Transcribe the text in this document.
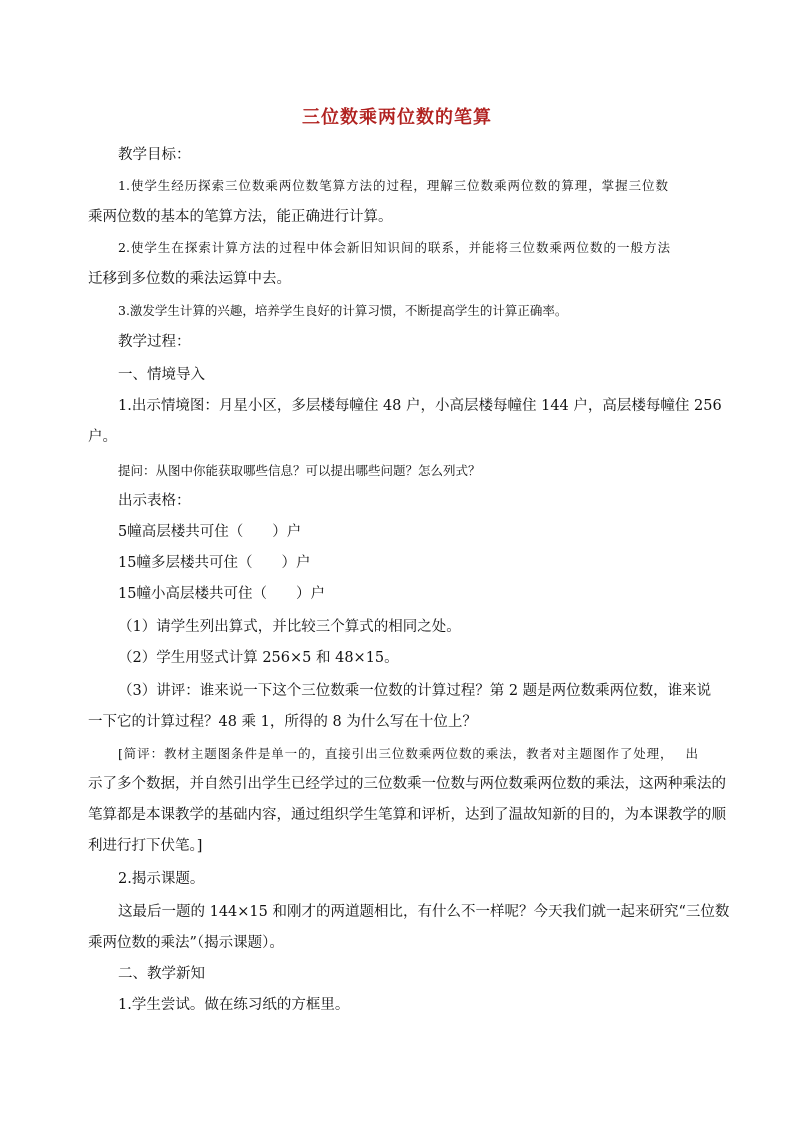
三位数乘两位数的笔算
教学目标：
1.使学生经历探索三位数乘两位数笔算方法的过程，理解三位数乘两位数的算理，掌握三位数
乘两位数的基本的笔算方法，能正确进行计算。
2.使学生在探索计算方法的过程中体会新旧知识间的联系，并能将三位数乘两位数的一般方法
迁移到多位数的乘法运算中去。
3.激发学生计算的兴趣，培养学生良好的计算习惯，不断提高学生的计算正确率。
教学过程：
一、情境导入
1.出示情境图：月星小区，多层楼每幢住 48 户，小高层楼每幢住 144 户，高层楼每幢住 256
户。
提问：从图中你能获取哪些信息？可以提出哪些问题？怎么列式？
出示表格：
5幢高层楼共可住（　　）户
15幢多层楼共可住（　　）户
15幢小高层楼共可住（　　）户
（1）请学生列出算式，并比较三个算式的相同之处。
（2）学生用竖式计算 256×5 和 48×15。
（3）讲评：谁来说一下这个三位数乘一位数的计算过程？第 2 题是两位数乘两位数，谁来说
一下它的计算过程？48 乘 1，所得的 8 为什么写在十位上？
[简评：教材主题图条件是单一的，直接引出三位数乘两位数的乘法，教者对主题图作了处理，　 出
示了多个数据，并自然引出学生已经学过的三位数乘一位数与两位数乘两位数的乘法，这两种乘法的
笔算都是本课教学的基础内容，通过组织学生笔算和评析，达到了温故知新的目的，为本课教学的顺
利进行打下伏笔。]
2.揭示课题。
这最后一题的 144×15 和刚才的两道题相比，有什么不一样呢？今天我们就一起来研究“三位数
乘两位数的乘法”（揭示课题）。
二、教学新知
1.学生尝试。做在练习纸的方框里。
